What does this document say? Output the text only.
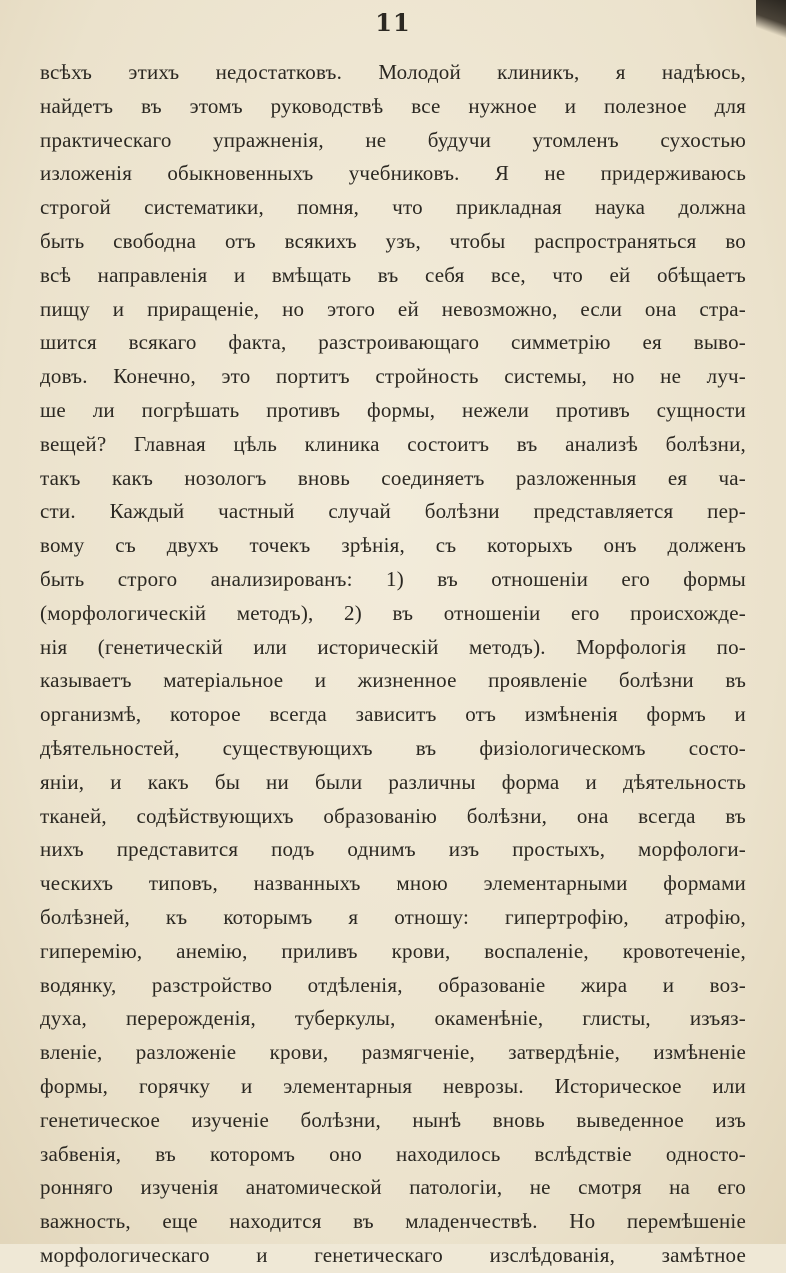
11
всѣхъ этихъ недостатковъ. Молодой клиникъ, я надѣюсь,
найдетъ въ этомъ руководствѣ все нужное и полезное для
практическаго упражненія, не будучи утомленъ сухостью
изложенія обыкновенныхъ учебниковъ. Я не придерживаюсь
строгой систематики, помня, что прикладная наука должна
быть свободна отъ всякихъ узъ, чтобы распространяться во
всѣ направленія и вмѣщать въ себя все, что ей обѣщаетъ
пищу и приращеніе, но этого ей невозможно, если она стра-
шится всякаго факта, разстроивающаго симметрію ея выво-
довъ. Конечно, это портитъ стройность системы, но не луч-
ше ли погрѣшать противъ формы, нежели противъ сущности
вещей? Главная цѣль клиника состоитъ въ анализѣ болѣзни,
такъ какъ нозологъ вновь соединяетъ разложенныя ея ча-
сти. Каждый частный случай болѣзни представляется пер-
вому съ двухъ точекъ зрѣнія, съ которыхъ онъ долженъ
быть строго анализированъ: 1) въ отношеніи его формы
(морфологическій методъ), 2) въ отношеніи его происхожде-
нія (генетическій или историческій методъ). Морфологія по-
казываетъ матеріальное и жизненное проявленіе болѣзни въ
организмѣ, которое всегда зависитъ отъ измѣненія формъ и
дѣятельностей, существующихъ въ физіологическомъ состо-
яніи, и какъ бы ни были различны форма и дѣятельность
тканей, содѣйствующихъ образованію болѣзни, она всегда въ
нихъ представится подъ однимъ изъ простыхъ, морфологи-
ческихъ типовъ, названныхъ мною элементарными формами
болѣзней, къ которымъ я отношу: гипертрофію, атрофію,
гиперемію, анемію, приливъ крови, воспаленіе, кровотеченіе,
водянку, разстройство отдѣленія, образованіе жира и воз-
духа, перерожденія, туберкулы, окаменѣніе, глисты, изъяз-
вленіе, разложеніе крови, размягченіе, затвердѣніе, измѣненіе
формы, горячку и элементарныя неврозы. Историческое или
генетическое изученіе болѣзни, нынѣ вновь выведенное изъ
забвенія, въ которомъ оно находилось вслѣдствіе односто-
ронняго изученія анатомической патологіи, не смотря на его
важность, еще находится въ младенчествѣ. Но перемѣшеніе
морфологическаго и генетическаго изслѣдованія, замѣтное
